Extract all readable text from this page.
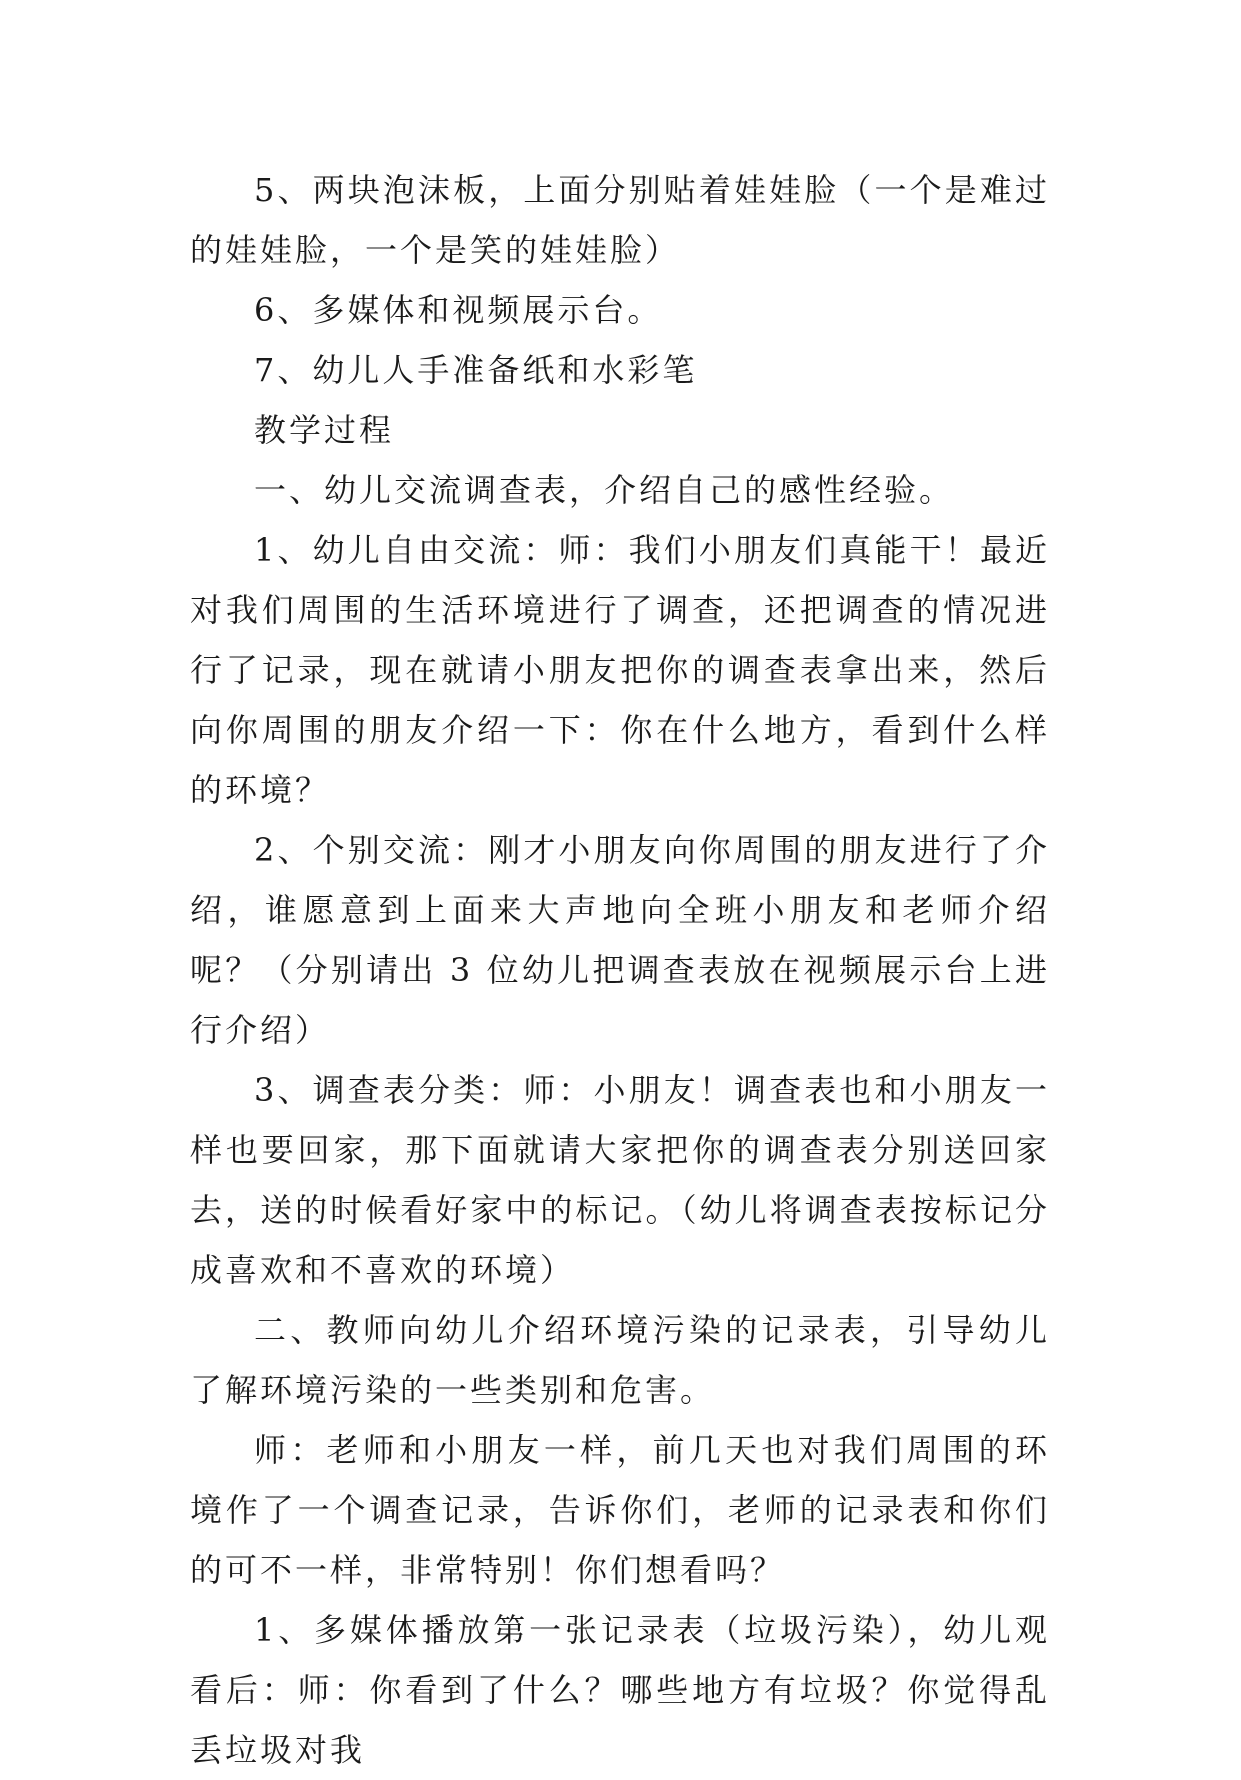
5、两块泡沫板，上面分别贴着娃娃脸（一个是难过的娃娃脸，一个是笑的娃娃脸）

6、多媒体和视频展示台。

7、幼儿人手准备纸和水彩笔

教学过程

一、幼儿交流调查表，介绍自己的感性经验。

1、幼儿自由交流：师：我们小朋友们真能干！最近对我们周围的生活环境进行了调查，还把调查的情况进行了记录，现在就请小朋友把你的调查表拿出来，然后向你周围的朋友介绍一下：你在什么地方，看到什么样的环境？

2、个别交流：刚才小朋友向你周围的朋友进行了介绍，谁愿意到上面来大声地向全班小朋友和老师介绍呢？（分别请出 3 位幼儿把调查表放在视频展示台上进行介绍）

3、调查表分类：师：小朋友！调查表也和小朋友一样也要回家，那下面就请大家把你的调查表分别送回家去，送的时候看好家中的标记。（幼儿将调查表按标记分成喜欢和不喜欢的环境）

二、教师向幼儿介绍环境污染的记录表，引导幼儿了解环境污染的一些类别和危害。

师：老师和小朋友一样，前几天也对我们周围的环境作了一个调查记录，告诉你们，老师的记录表和你们的可不一样，非常特别！你们想看吗？

1、多媒体播放第一张记录表（垃圾污染），幼儿观看后：师：你看到了什么？哪些地方有垃圾？你觉得乱丢垃圾对我
